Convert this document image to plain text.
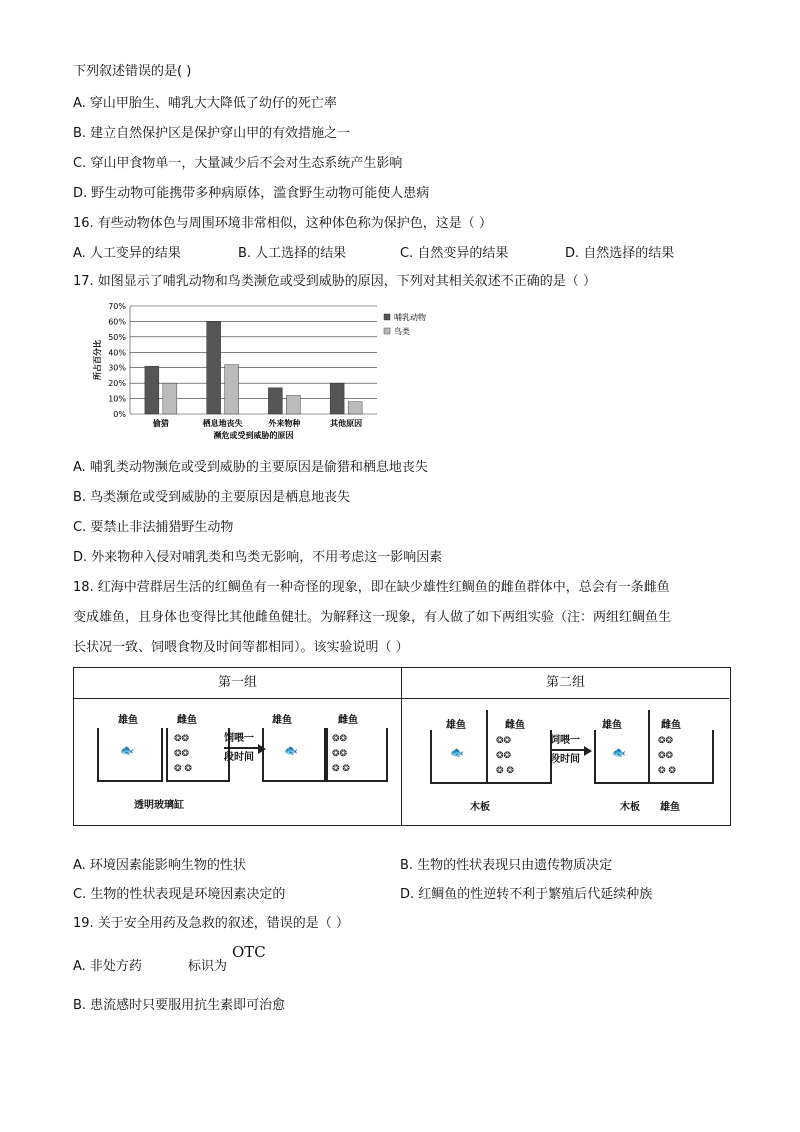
下列叙述错误的是( )
A. 穿山甲胎生、哺乳大大降低了幼仔的死亡率
B. 建立自然保护区是保护穿山甲的有效措施之一
C. 穿山甲食物单一，大量减少后不会对生态系统产生影响
D. 野生动物可能携带多种病原体，滥食野生动物可能使人患病
16. 有些动物体色与周围环境非常相似，这种体色称为保护色，这是（ ）
A. 人工变异的结果	B. 人工选择的结果	C. 自然变异的结果	D. 自然选择的结果
17. 如图显示了哺乳动物和鸟类濒危或受到威胁的原因，下列对其相关叙述不正确的是（ ）
70%
60%
50%
40%
30%
20%
10%
0%
偷猎	栖息地丧失	外来物种	其他原因
濒危或受到威胁的原因
所占百分比
哺乳动物
鸟类
A. 哺乳类动物濒危或受到威胁的主要原因是偷猎和栖息地丧失
B. 鸟类濒危或受到威胁的主要原因是栖息地丧失
C. 要禁止非法捕猎野生动物
D. 外来物种入侵对哺乳类和鸟类无影响，不用考虑这一影响因素
18. 红海中营群居生活的红鲷鱼有一种奇怪的现象，即在缺少雄性红鲷鱼的雌鱼群体中，总会有一条雌鱼
变成雄鱼，且身体也变得比其他雌鱼健壮。为解释这一现象，有人做了如下两组实验（注：两组红鲷鱼生
长状况一致、饲喂食物及时间等都相同）。该实验说明（ ）
第一组	第二组
雄鱼	雌鱼
🐟
❂❂
❂❂
❂ ❂
饲喂一
段时间
雄鱼	雌鱼
🐟
❂❂
❂❂
❂ ❂
透明玻璃缸
雄鱼	雌鱼
🐟
❂❂
❂❂
❂ ❂
饲喂一
段时间
雄鱼	雌鱼
🐟
❂❂
❂❂
❂ ❂
木板	木板 雄鱼
A. 环境因素能影响生物的性状	B. 生物的性状表现只由遗传物质决定
C. 生物的性状表现是环境因素决定的	D. 红鲷鱼的性逆转不利于繁殖后代延续种族
19. 关于安全用药及急救的叙述，错误的是（ ）
A. 非处方药	标识为
OTC
B. 患流感时只要服用抗生素即可治愈
